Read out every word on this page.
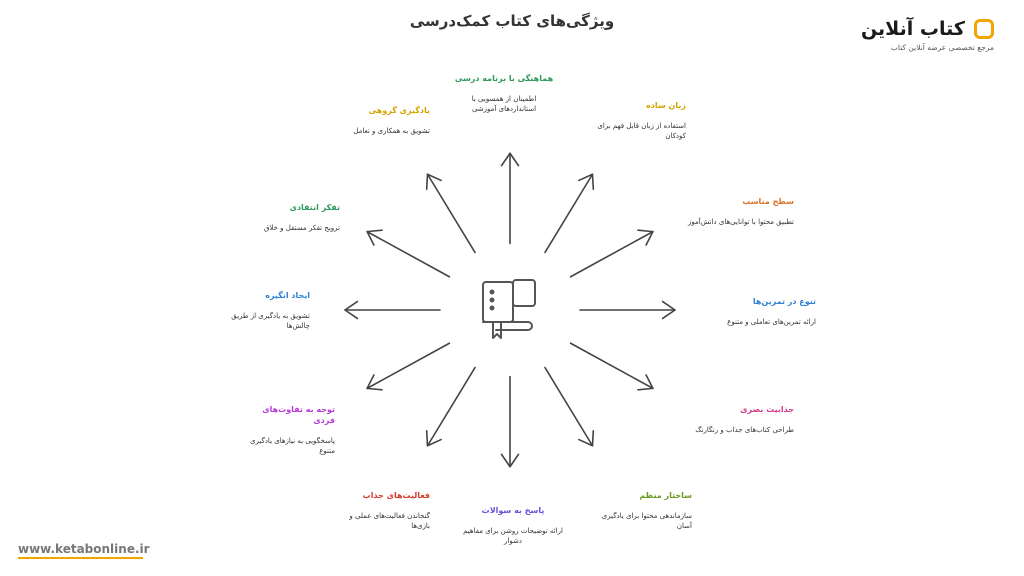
ویژگی‌های کتاب کمک‌درسی	کتاب آنلاین
مرجع تخصصی عرضه آنلاین کتاب
هماهنگی با برنامه درسی
اطمینان از همسویی با استانداردهای آموزشی	زبان ساده
استفاده از زبان قابل فهم برای کودکان
سطح مناسب
تطبیق محتوا با توانایی‌های دانش‌آموز
تنوع در تمرین‌ها
ارائه تمرین‌های تعاملی و متنوع
جذابیت بصری
طراحی کتاب‌های جذاب و رنگارنگ
ساختار منظم
سازماندهی محتوا برای یادگیری آسان
پاسخ به سوالات
ارائه توضیحات روشن برای مفاهیم دشوار
فعالیت‌های جذاب
گنجاندن فعالیت‌های عملی و بازی‌ها
توجه به تفاوت‌های فردی
پاسخگویی به نیازهای یادگیری متنوع
ایجاد انگیزه
تشویق به یادگیری از طریق چالش‌ها
تفکر انتقادی
ترویج تفکر مستقل و خلاق
یادگیری گروهی
تشویق به همکاری و تعامل
www.ketabonline.ir
